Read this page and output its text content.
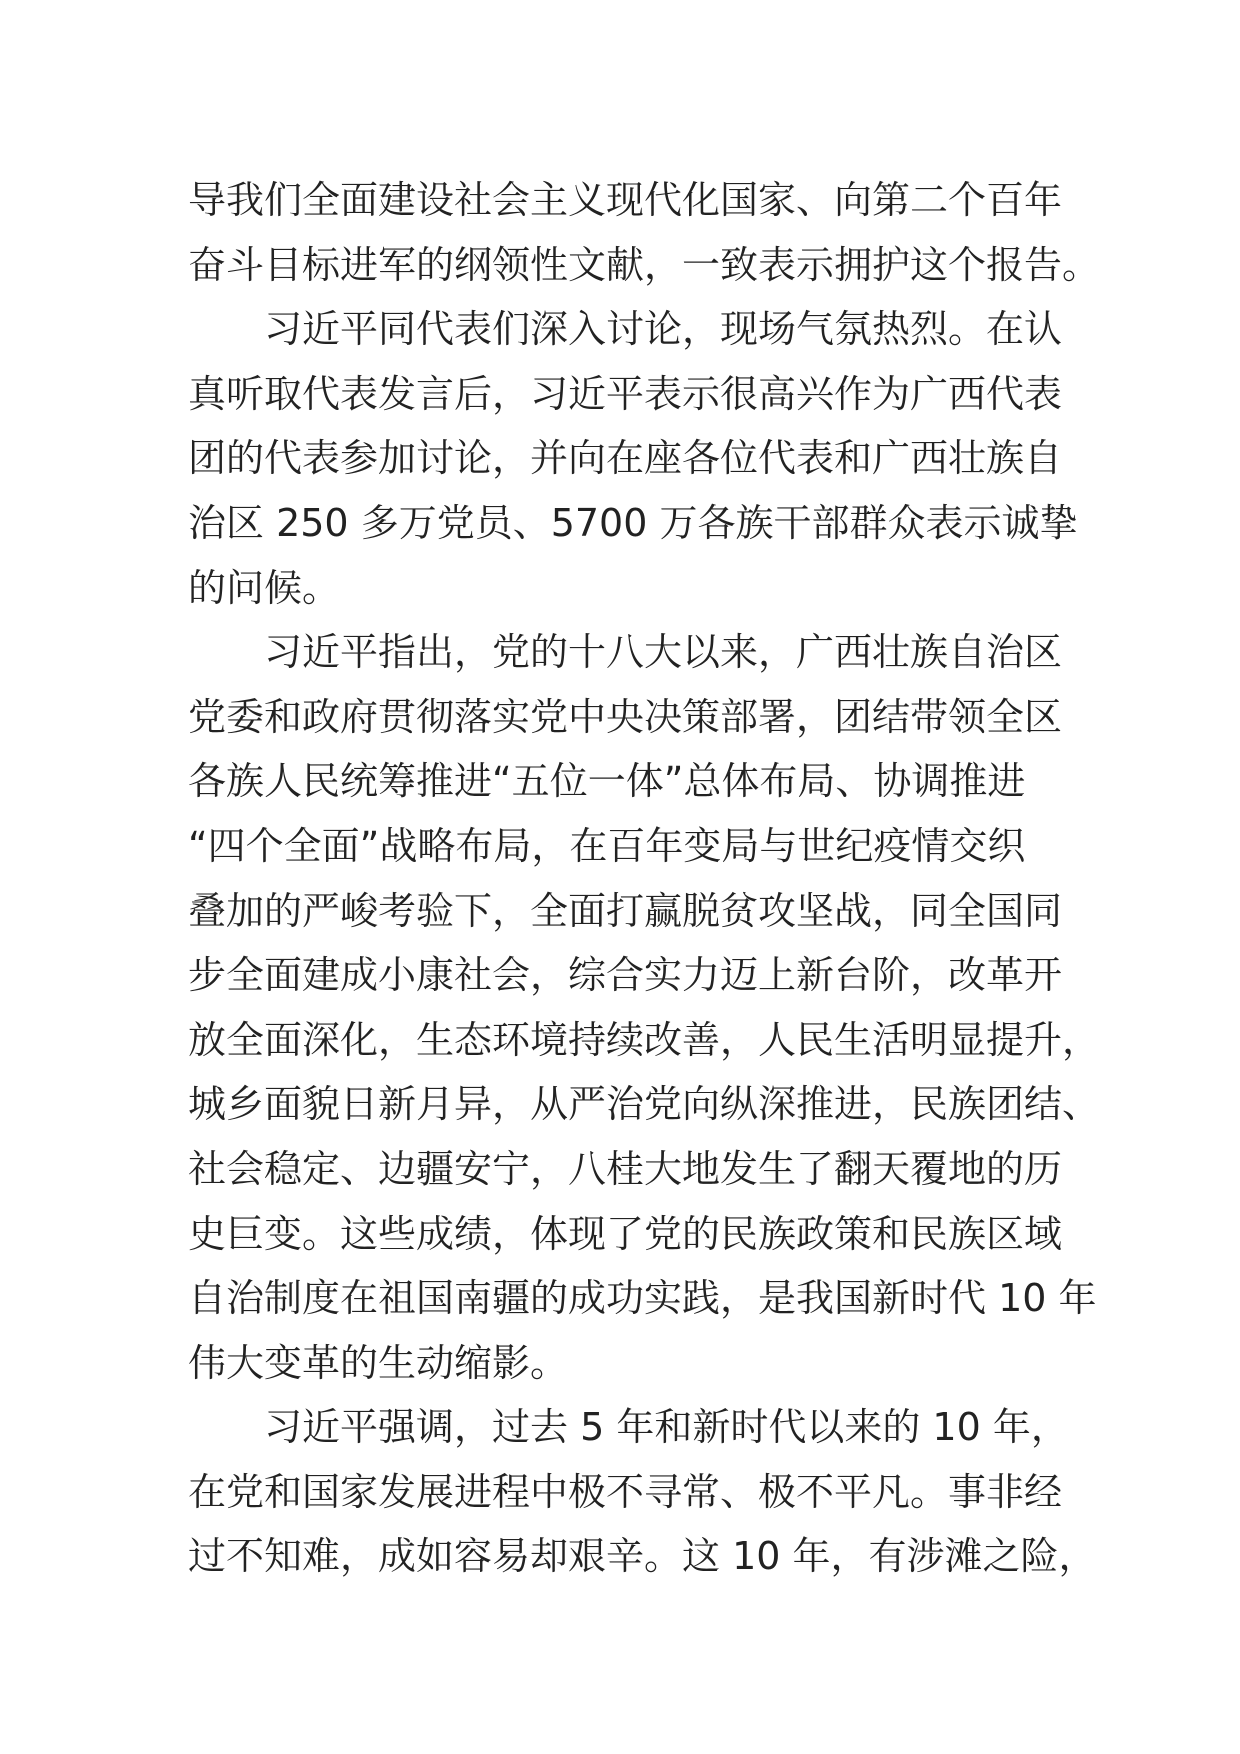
导我们全面建设社会主义现代化国家、向第二个百年
奋斗目标进军的纲领性文献，一致表示拥护这个报告。
习近平同代表们深入讨论，现场气氛热烈。在认
真听取代表发言后，习近平表示很高兴作为广西代表
团的代表参加讨论，并向在座各位代表和广西壮族自
治区 250 多万党员、5700 万各族干部群众表示诚挚
的问候。
习近平指出，党的十八大以来，广西壮族自治区
党委和政府贯彻落实党中央决策部署，团结带领全区
各族人民统筹推进“五位一体”总体布局、协调推进
“四个全面”战略布局，在百年变局与世纪疫情交织
叠加的严峻考验下，全面打赢脱贫攻坚战，同全国同
步全面建成小康社会，综合实力迈上新台阶，改革开
放全面深化，生态环境持续改善，人民生活明显提升，
城乡面貌日新月异，从严治党向纵深推进，民族团结、
社会稳定、边疆安宁，八桂大地发生了翻天覆地的历
史巨变。这些成绩，体现了党的民族政策和民族区域
自治制度在祖国南疆的成功实践，是我国新时代 10 年
伟大变革的生动缩影。
习近平强调，过去 5 年和新时代以来的 10 年，
在党和国家发展进程中极不寻常、极不平凡。事非经
过不知难，成如容易却艰辛。这 10 年，有涉滩之险，
